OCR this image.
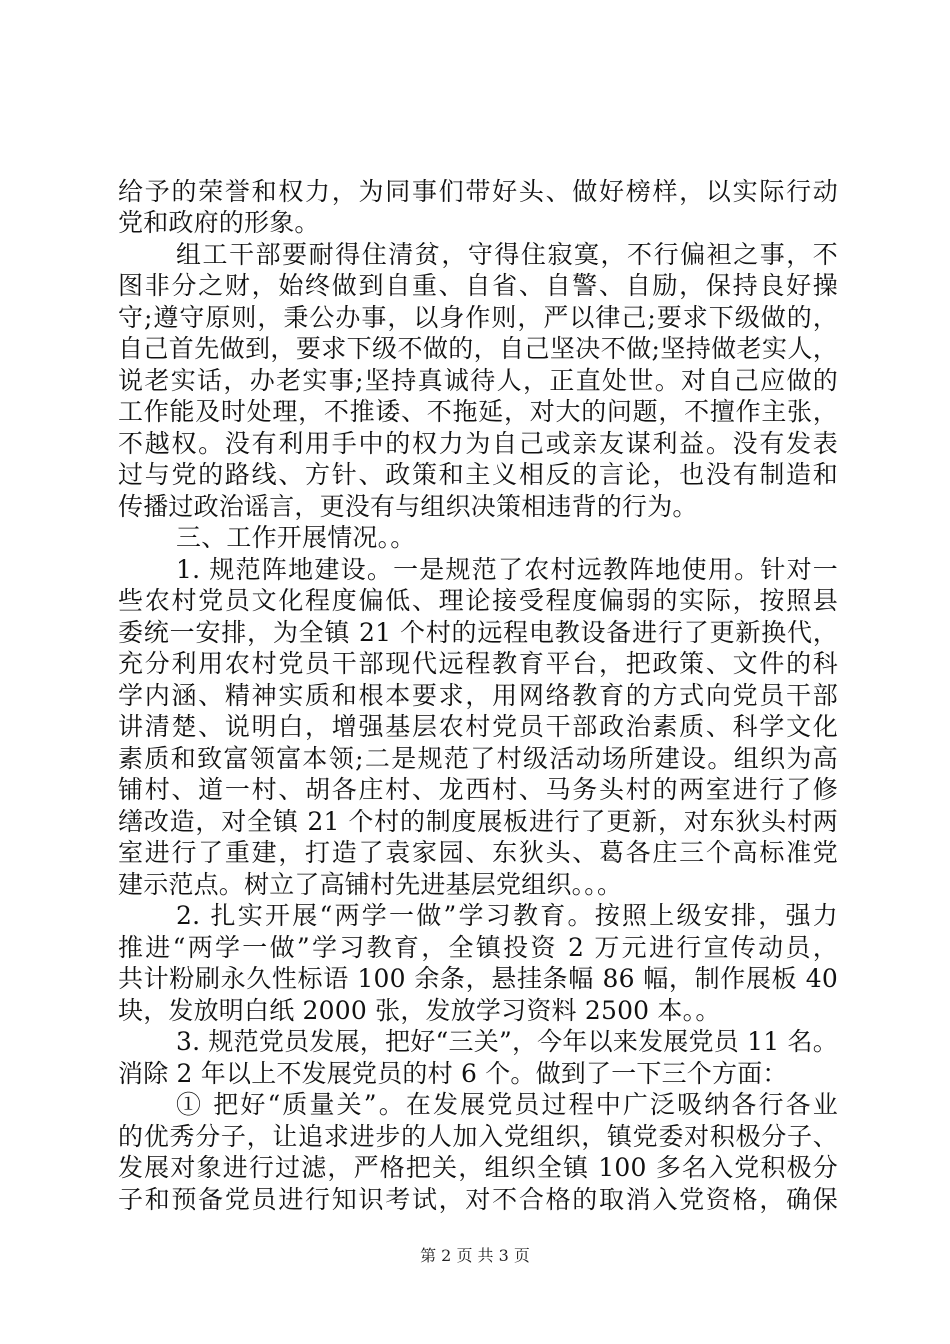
给予的荣誉和权力，为同事们带好头、做好榜样，以实际行动
党和政府的形象。
组工干部要耐得住清贫，守得住寂寞，不行偏袒之事，不
图非分之财，始终做到自重、自省、自警、自励，保持良好操
守;遵守原则，秉公办事，以身作则，严以律己;要求下级做的，
自己首先做到，要求下级不做的，自己坚决不做;坚持做老实人，
说老实话，办老实事;坚持真诚待人，正直处世。对自己应做的
工作能及时处理，不推诿、不拖延，对大的问题，不擅作主张，
不越权。没有利用手中的权力为自己或亲友谋利益。没有发表
过与党的路线、方针、政策和主义相反的言论，也没有制造和
传播过政治谣言，更没有与组织决策相违背的行为。
三、工作开展情况。。
1. 规范阵地建设。一是规范了农村远教阵地使用。针对一
些农村党员文化程度偏低、理论接受程度偏弱的实际，按照县
委统一安排，为全镇 21 个村的远程电教设备进行了更新换代，
充分利用农村党员干部现代远程教育平台，把政策、文件的科
学内涵、精神实质和根本要求，用网络教育的方式向党员干部
讲清楚、说明白，增强基层农村党员干部政治素质、科学文化
素质和致富领富本领;二是规范了村级活动场所建设。组织为高
铺村、道一村、胡各庄村、龙西村、马务头村的两室进行了修
缮改造，对全镇 21 个村的制度展板进行了更新，对东狄头村两
室进行了重建，打造了袁家园、东狄头、葛各庄三个高标准党
建示范点。树立了高铺村先进基层党组织。。。
2. 扎实开展“两学一做”学习教育。按照上级安排，强力
推进“两学一做”学习教育，全镇投资 2 万元进行宣传动员，
共计粉刷永久性标语 100 余条，悬挂条幅 86 幅，制作展板 40
块，发放明白纸 2000 张，发放学习资料 2500 本。。
3. 规范党员发展，把好“三关”，今年以来发展党员 11 名。
消除 2 年以上不发展党员的村 6 个。做到了一下三个方面：
① 把好“质量关”。在发展党员过程中广泛吸纳各行各业
的优秀分子，让追求进步的人加入党组织，镇党委对积极分子、
发展对象进行过滤，严格把关，组织全镇 100 多名入党积极分
子和预备党员进行知识考试，对不合格的取消入党资格，确保
第 2 页 共 3 页
